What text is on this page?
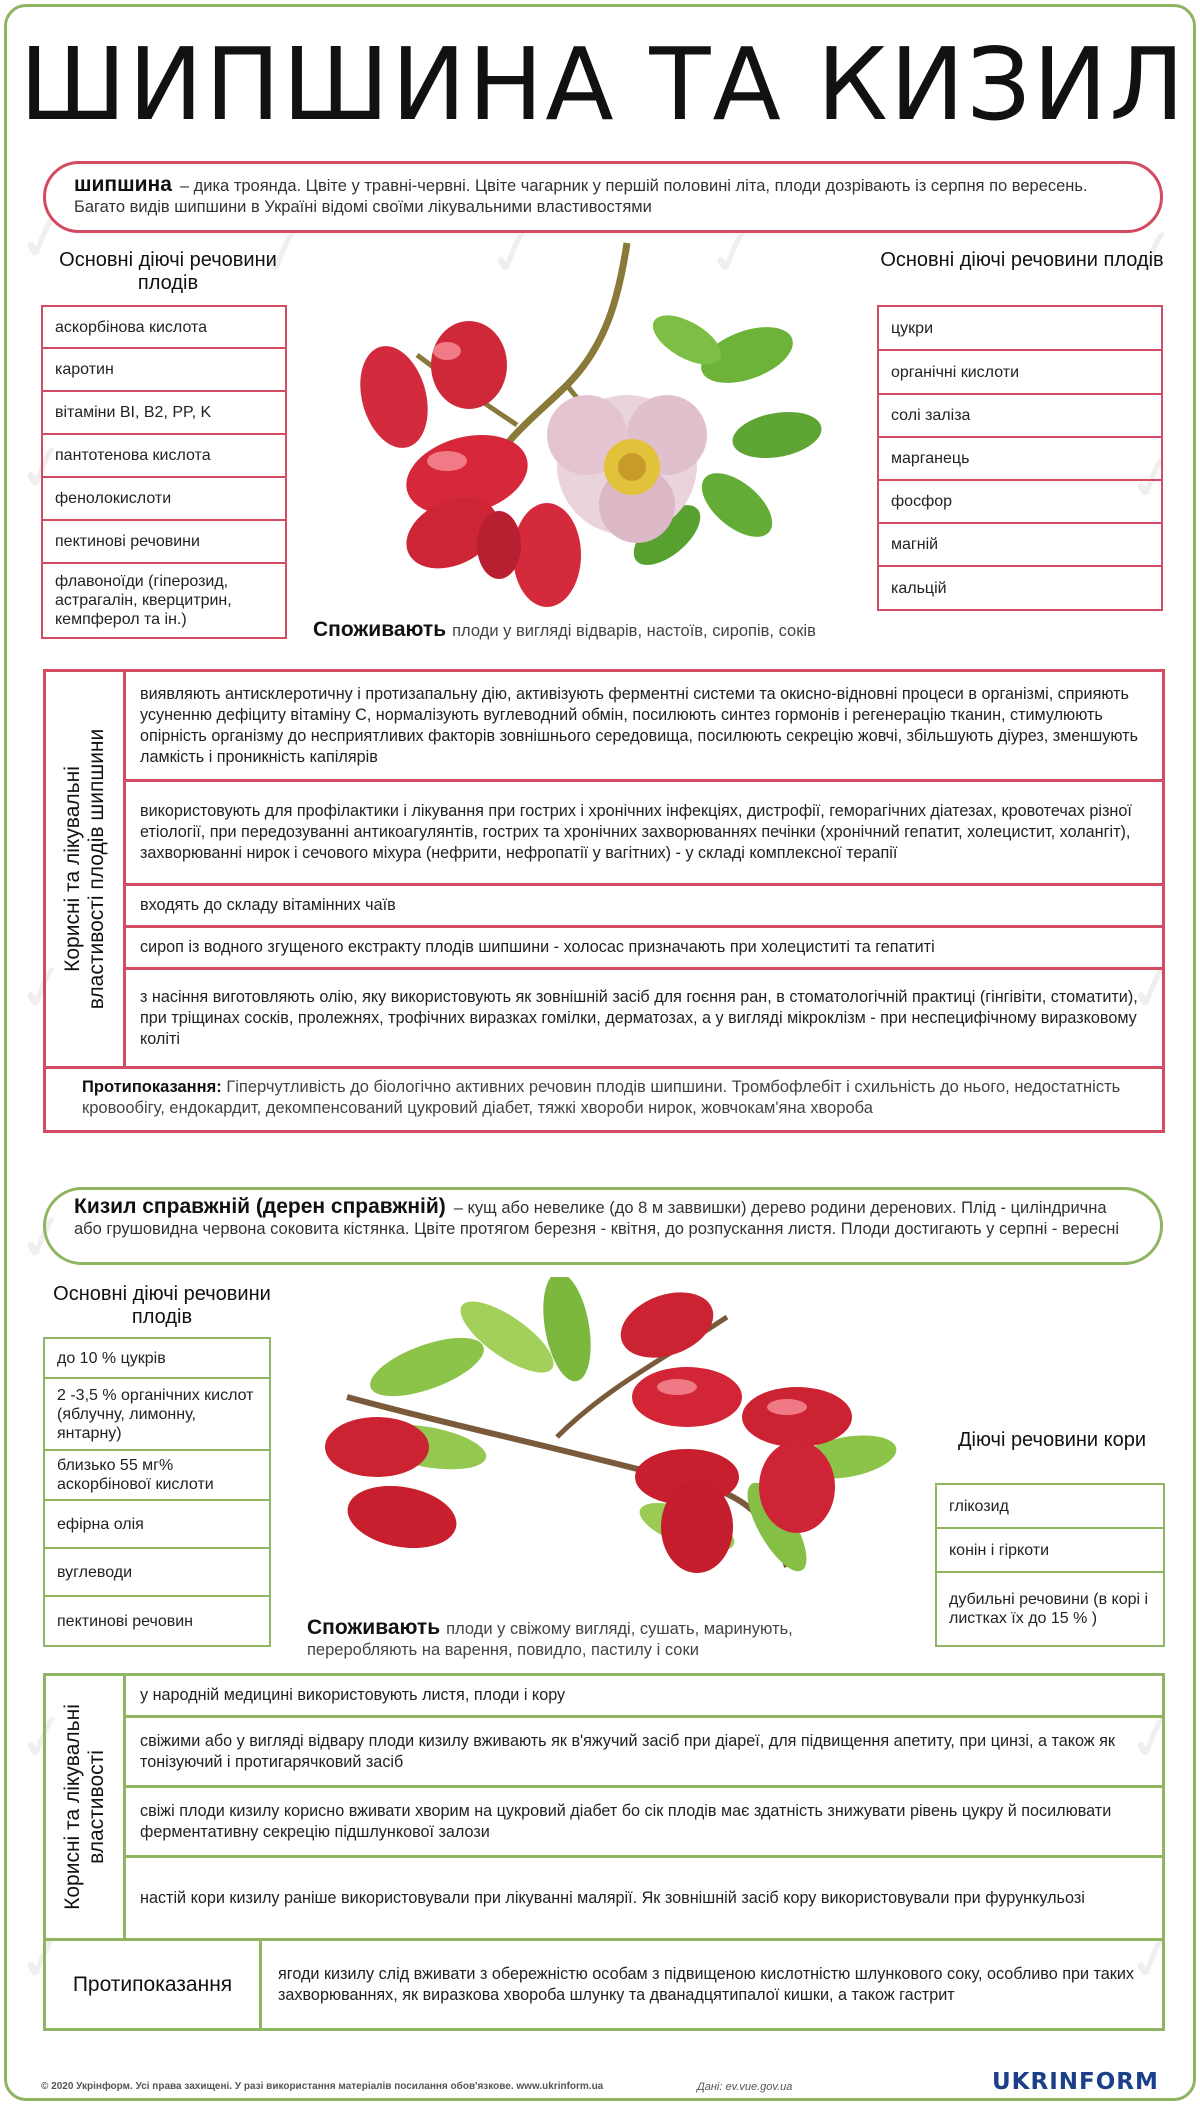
✓	✓	✓ ✓	✓
✓	✓
✓	✓
✓
✓	✓
✓	✓
ШИПШИНА ТА КИЗИЛ
шипшина – дика троянда. Цвіте у травні-червні. Цвіте чагарник у першій половині літа, плоди дозрівають із серпня по вересень. Багато видів шипшини в Україні відомі своїми лікувальними властивостями
Основні діючі речовини плодів
аскорбінова кислота
каротин
вітаміни BI, B2, PP, K
пантотенова кислота
фенолокислоти
пектинові речовини
флавоноїди (гіперозид, астрагалін, кверцитрин, кемпферол та ін.)
Основні діючі речовини плодів
цукри
органічні кислоти
солі заліза
марганець
фосфор
магній
кальцій
Споживають плоди у вигляді відварів, настоїв, сиропів, соків
Корисні та лікувальні властивості плодів шипшини
виявляють антисклеротичну і протизапальну дію, активізують ферментні системи та окисно-відновні процеси в організмі, сприяють усуненню дефіциту вітаміну С, нормалізують вуглеводний обмін, посилюють синтез гормонів і регенерацію тканин, стимулюють опірність організму до несприятливих факторів зовнішнього середовища, посилюють секрецію жовчі, збільшують діурез, зменшують ламкість і проникність капілярів
використовують для профілактики і лікування при гострих і хронічних інфекціях, дистрофії, геморагічних діатезах, кровотечах різної етіології, при передозуванні антикоагулянтів, гострих та хронічних захворюваннях печінки (хронічний гепатит, холецистит, холангіт), захворюванні нирок і сечового міхура (нефрити, нефропатії у вагітних) - у складі комплексної терапії
входять до складу вітамінних чаїв
сироп із водного згущеного екстракту плодів шипшини - холосас призначають при холециститі та гепатиті
з насіння виготовляють олію, яку використовують як зовнішній засіб для гоєння ран, в стоматологічній практиці (гінгівіти, стоматити), при тріщинах сосків, пролежнях, трофічних виразках гомілки, дерматозах, а у вигляді мікроклізм - при неспецифічному виразковому коліті
Протипоказання: Гіперчутливість до біологічно активних речовин плодів шипшини. Тромбофлебіт і схильність до нього, недостатність кровообігу, ендокардит, декомпенсований цукровий діабет, тяжкі хвороби нирок, жовчокам'яна хвороба
Кизил справжній (дерен справжній) – кущ або невелике (до 8 м заввишки) дерево родини деренових. Плід - циліндрична або грушовидна червона соковита кістянка. Цвіте протягом березня - квітня, до розпускання листя. Плоди достигають у серпні - вересні
Основні діючі речовини плодів
до 10 % цукрів
2 -3,5 % органічних кислот (яблучну, лимонну, янтарну)
близько 55 мг% аскорбінової кислоти
ефірна олія
вуглеводи
пектинові речовин	Споживають плоди у свіжому вигляді, сушать, маринують, переробляють на варення, повидло, пастилу і соки
Діючі речовини кори
глікозид
конін і гіркоти
дубильні речовини (в корі і листках їх до 15 % )
Корисні та лікувальні властивості
у народній медицині використовують листя, плоди і кору
свіжими або у вигляді відвару плоди кизилу вживають як в'яжучий засіб при діареї, для підвищення апетиту, при цинзі, а також як тонізуючий і протигарячковий засіб
свіжі плоди кизилу корисно вживати хворим на цукровий діабет бо сік плодів має здатність знижувати рівень цукру й посилювати ферментативну секрецію підшлункової залози
настій кори кизилу раніше використовували при лікуванні малярії. Як зовнішній засіб кору використовували при фурункульозі
Протипоказання	ягоди кизилу слід вживати з обережністю особам з підвищеною кислотністю шлункового соку, особливо при таких захворюваннях, як виразкова хвороба шлунку та дванадцятипалої кишки, а також гастрит
© 2020 Укрінформ. Усі права захищені. У разі використання матеріалів посилання обов'язкове. www.ukrinform.ua	Дані: ev.vue.gov.ua	UKRINFORM
